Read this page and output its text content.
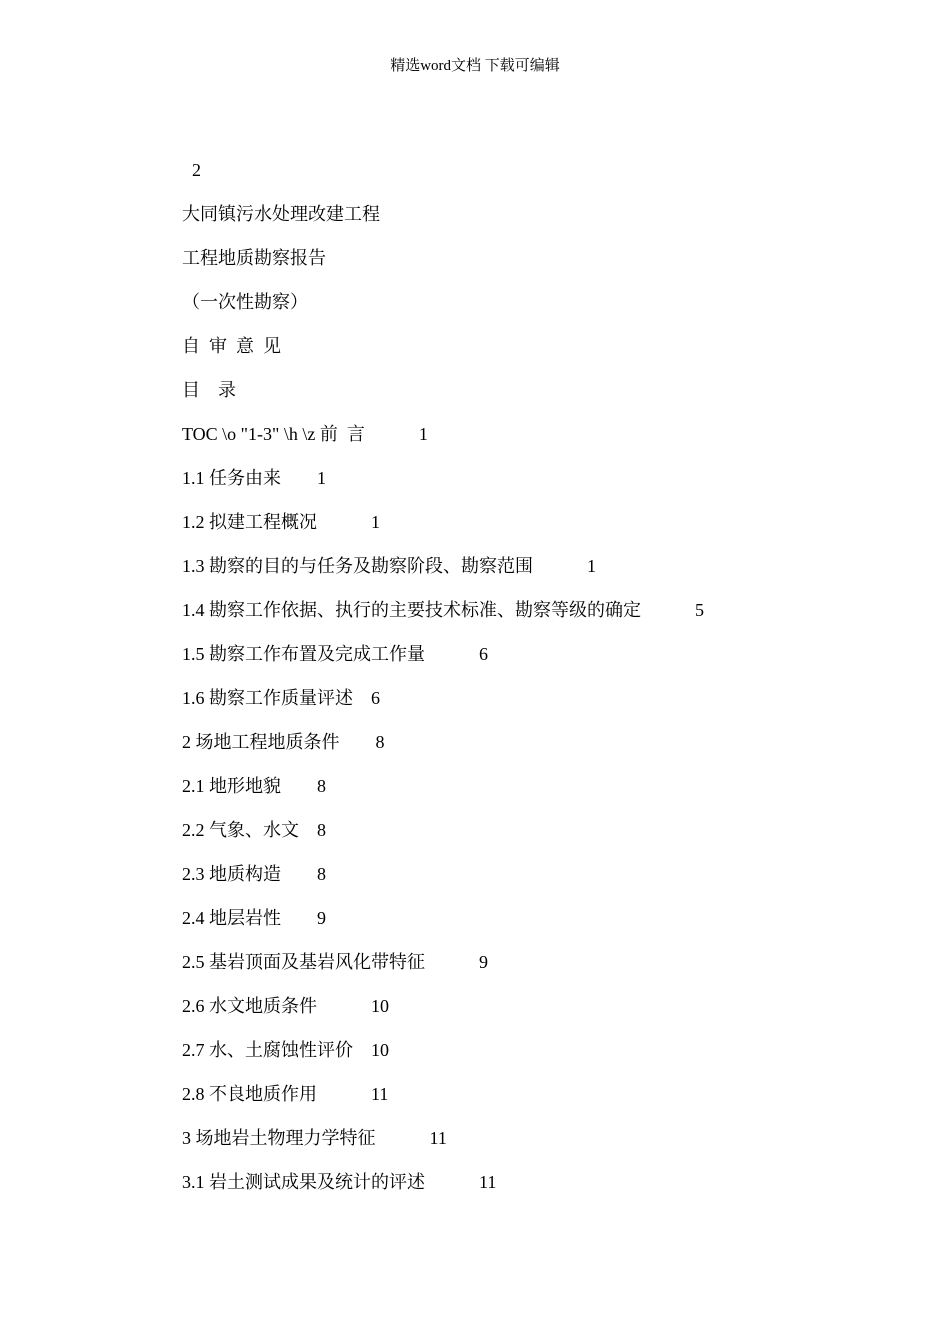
精选word文档 下载可编辑
2
大同镇污水处理改建工程
工程地质勘察报告
（一次性勘察）
自  审  意  见
目    录
TOC \o "1-3" \h \z 前  言	1
1.1 任务由来 1
1.2 拟建工程概况	1
1.3 勘察的目的与任务及勘察阶段、勘察范围	1
1.4 勘察工作依据、执行的主要技术标准、勘察等级的确定	5
1.5 勘察工作布置及完成工作量	6
1.6 勘察工作质量评述 6
2 场地工程地质条件 8
2.1 地形地貌 8
2.2 气象、水文 8
2.3 地质构造 8
2.4 地层岩性 9
2.5 基岩顶面及基岩风化带特征	9
2.6 水文地质条件	10
2.7 水、土腐蚀性评价 10
2.8 不良地质作用	11
3 场地岩土物理力学特征	11
3.1 岩土测试成果及统计的评述	11
